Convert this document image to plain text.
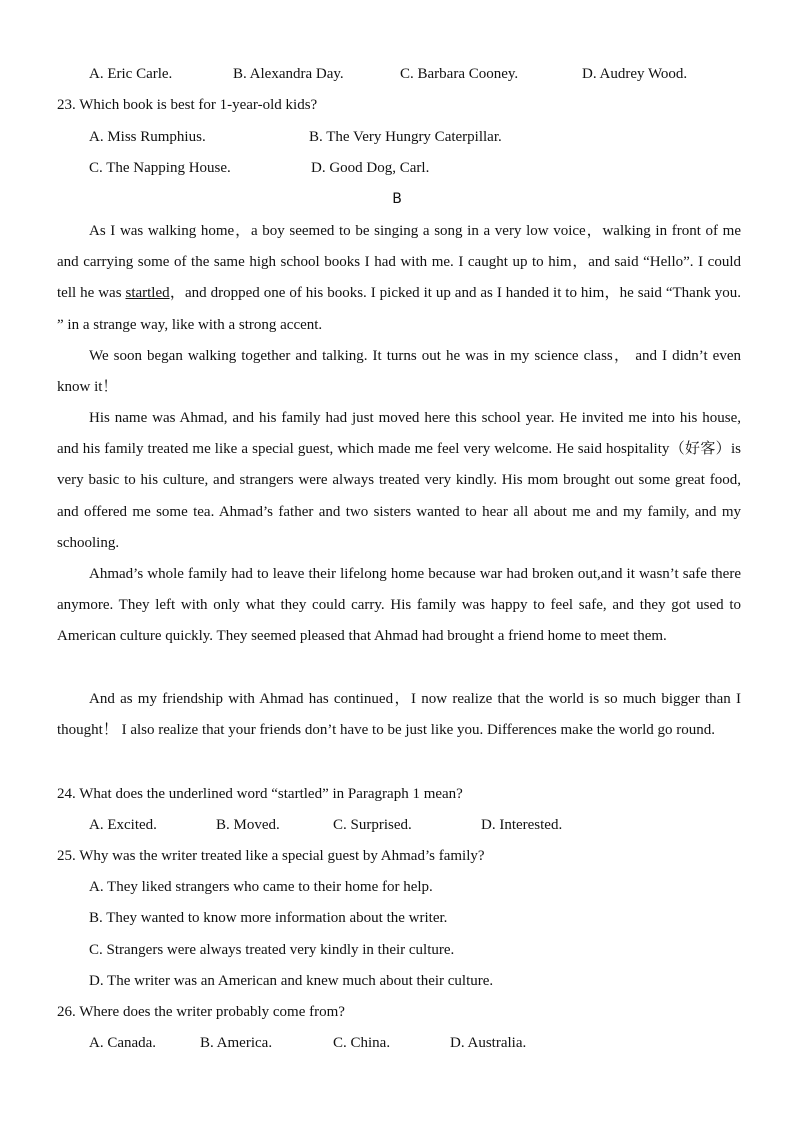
A. Eric Carle.	B. Alexandra Day.	C. Barbara Cooney.	D. Audrey Wood.
23. Which book is best for 1-year-old kids?
A. Miss Rumphius.	B. The Very Hungry Caterpillar.
C. The Napping House.	D. Good Dog, Carl.
B

As I was walking home，a boy seemed to be singing a song in a very low voice，walking in front of me and carrying some of the same high school books I had with me. I caught up to him，and said “Hello”. I could tell he was startled，and dropped one of his books. I picked it up and as I handed it to him，he said “Thank you. ” in a strange way, like with a strong accent.

We soon began walking together and talking. It turns out he was in my science class， and I didn’t even know it！

His name was Ahmad, and his family had just moved here this school year. He invited me into his house, and his family treated me like a special guest, which made me feel very welcome. He said hospitality（好客）is very basic to his culture, and strangers were always treated very kindly. His mom brought out some great food, and offered me some tea. Ahmad’s father and two sisters wanted to hear all about me and my family, and my schooling.

Ahmad’s whole family had to leave their lifelong home because war had broken out,and it wasn’t safe there anymore. They left with only what they could carry. His family was happy to feel safe, and they got used to American culture quickly. They seemed pleased that Ahmad had brought a friend home to meet them.

And as my friendship with Ahmad has continued，I now realize that the world is so much bigger than I thought！ I also realize that your friends don’t have to be just like you. Differences make the world go round.

24. What does the underlined word “startled” in Paragraph 1 mean?
A. Excited.	B. Moved.	C. Surprised.	D. Interested.
25. Why was the writer treated like a special guest by Ahmad’s family?
A. They liked strangers who came to their home for help.
B. They wanted to know more information about the writer.
C. Strangers were always treated very kindly in their culture.
D. The writer was an American and knew much about their culture.
26. Where does the writer probably come from?
A. Canada.	B. America.	C. China.	D. Australia.
